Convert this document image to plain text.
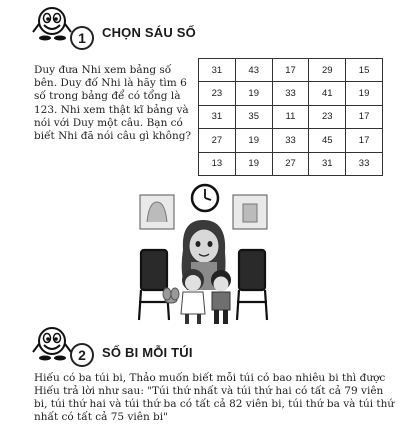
1	CHỌN SÁU SỐ

Duy đưa Nhi xem bảng số bên. Duy đố Nhi là hãy tìm 6 số trong bảng để có tổng là 123. Nhi xem thật kĩ bảng và nói với Duy một câu. Bạn có biết Nhi đã nói câu gì không?

31	43	17	29	15
23	19	33	41	19
31	35	11	23	17
27	19	33	45	17
13	19	27	31	33
2	SỐ BI MỖI TÚI

Hiếu có ba túi bi, Thảo muốn biết mỗi túi có bao nhiêu bi thì được Hiếu trả lời như sau: "Túi thứ nhất và túi thứ hai có tất cả 79 viên bi, túi thứ hai và túi thứ ba có tất cả 82 viên bi, túi thứ ba và túi thứ nhất có tất cả 75 viên bi"
